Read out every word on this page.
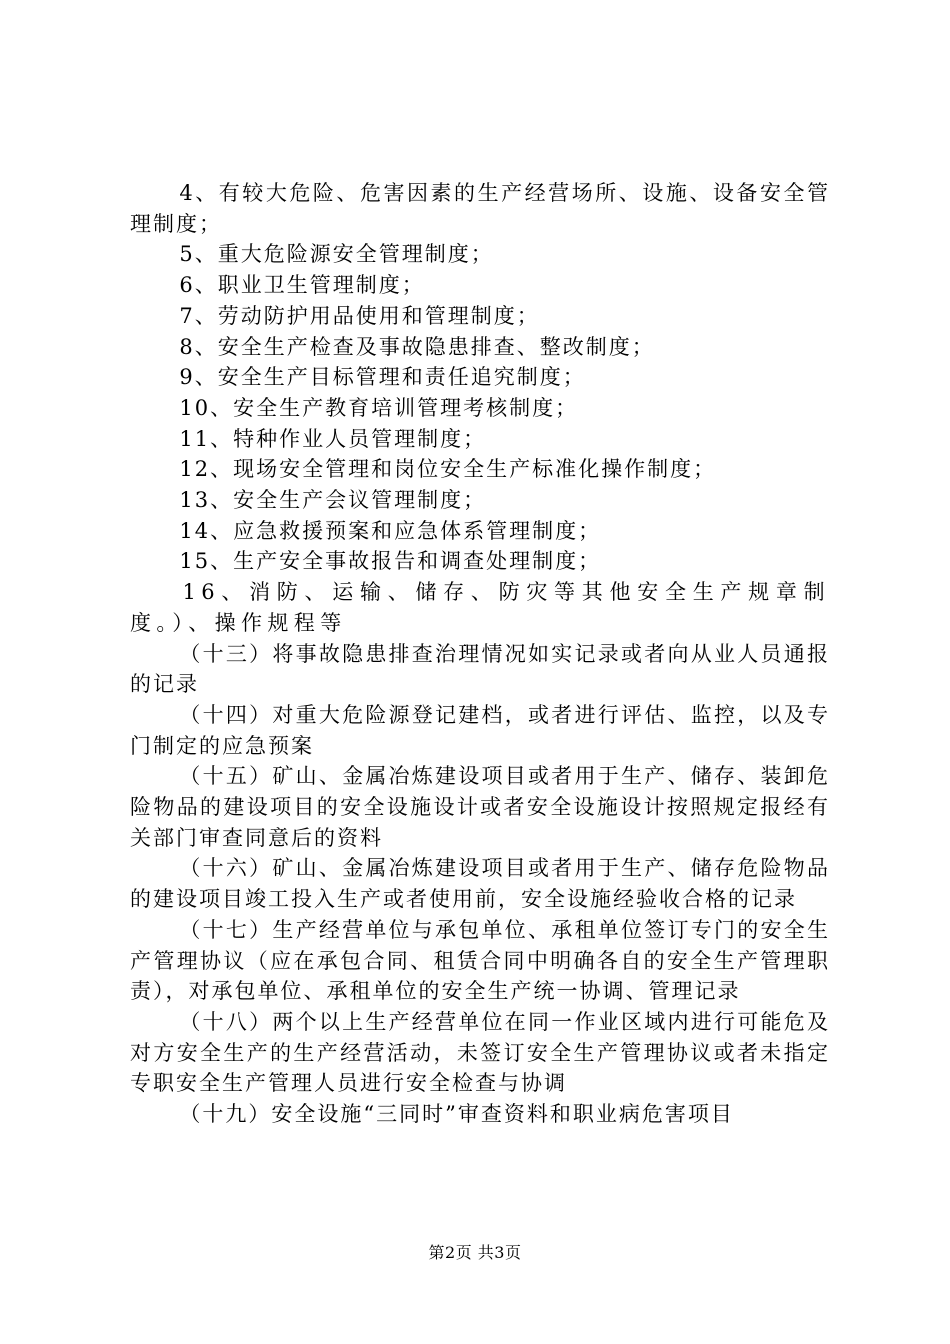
4、有较大危险、危害因素的生产经营场所、设施、设备安全管理制度；

5、重大危险源安全管理制度；

6、职业卫生管理制度；

7、劳动防护用品使用和管理制度；

8、安全生产检查及事故隐患排查、整改制度；

9、安全生产目标管理和责任追究制度；

10、安全生产教育培训管理考核制度；

11、特种作业人员管理制度；

12、现场安全管理和岗位安全生产标准化操作制度；

13、安全生产会议管理制度；

14、应急救援预案和应急体系管理制度；

15、生产安全事故报告和调查处理制度；

16、消防、运输、储存、防灾等其他安全生产规章制度。）、操作规程等

（十三）将事故隐患排查治理情况如实记录或者向从业人员通报的记录

（十四）对重大危险源登记建档，或者进行评估、监控，以及专门制定的应急预案

（十五）矿山、金属冶炼建设项目或者用于生产、储存、装卸危险物品的建设项目的安全设施设计或者安全设施设计按照规定报经有关部门审查同意后的资料

（十六）矿山、金属冶炼建设项目或者用于生产、储存危险物品的建设项目竣工投入生产或者使用前，安全设施经验收合格的记录

（十七）生产经营单位与承包单位、承租单位签订专门的安全生产管理协议（应在承包合同、租赁合同中明确各自的安全生产管理职责），对承包单位、承租单位的安全生产统一协调、管理记录

（十八）两个以上生产经营单位在同一作业区域内进行可能危及对方安全生产的生产经营活动，未签订安全生产管理协议或者未指定专职安全生产管理人员进行安全检查与协调

（十九）安全设施“三同时”审查资料和职业病危害项目

第2页 共3页
